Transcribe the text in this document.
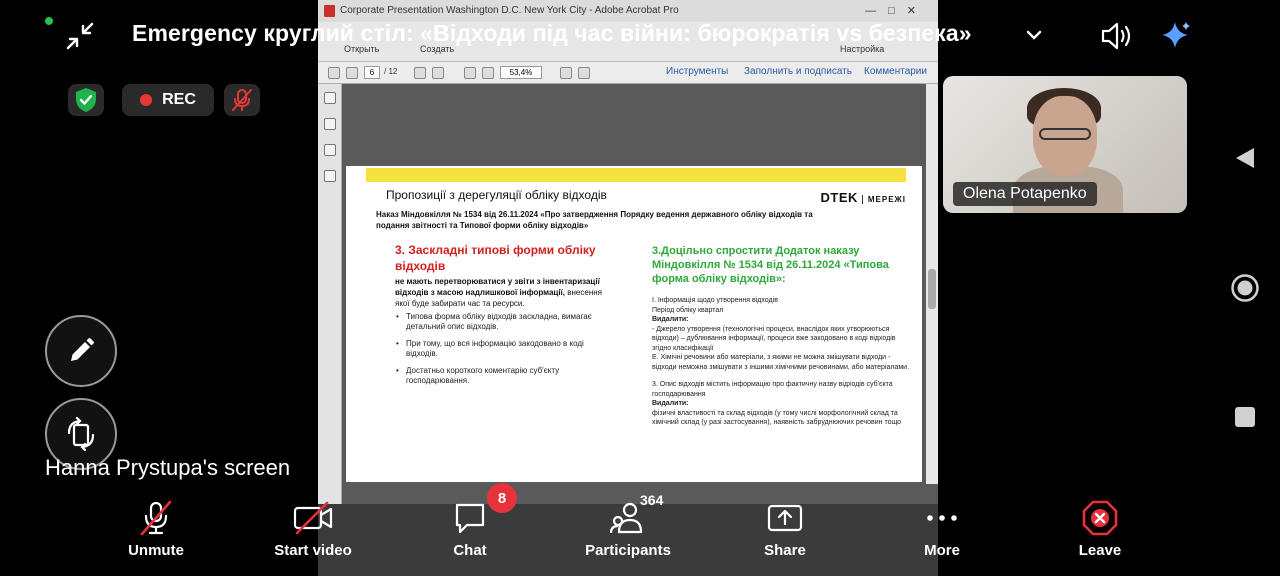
Corporate Presentation Washington D.C. New York City - Adobe Acrobat Pro	—□✕
Открыть	Создать	Настройка
6	/ 12	53,4%	Инструменты Заполнить и подписать Комментарии
Пропозиції з дерегуляції обліку відходів	DTEK МЕРЕЖІ
Наказ Міндовкілля № 1534 від 26.11.2024 «Про затвердження Порядку ведення державного обліку відходів та подання звітності та Типової форми обліку відходів»
3. Заскладні типові форми обліку відходів
не мають перетворюватися у звіти з інвентаризації відходів з масою надлишкової інформації, внесення якої буде забирати час та ресурси.
• Типова форма обліку відходів заскладна, вимагає детальний опис відходів.
• При тому, що вся інформацію закодовано в коді відходів.
• Достатньо короткого коментарію суб'єкту господарювання.
3.Доцільно спростити Додаток наказу Міндовкілля № 1534 від 26.11.2024 «Типова форма обліку відходів»:
І. Інформація щодо утворення відходів
Період обліку квартал
Видалити:
- Джерело утворення (технологічні процеси, внаслідок яких утворюються відходи) – дублювання інформації, процеси вже закодовано в коді відходів згідно класифікації
Е. Хімічні речовини або матеріали, з якими не можна змішувати відходи - відходи неможна змішувати з іншими хімічними речовинами, або матеріалами.
3. Опис відходів містить інформацію про фактичну назву відходів суб'єкта господарювання
Видалити:
фізичні властивості та склад відходів (у тому числі морфологічний склад та хімічний склад (у разі застосування), наявність забруднюючих речовин тощо
Emergency круглий стіл: «Відходи під час війни: бюрократія vs безпека»
REC
Olena Potapenko
Hanna Prystupa's screen
Unmute	Start video	Chat
8
Participants
364
Share	More	Leave
